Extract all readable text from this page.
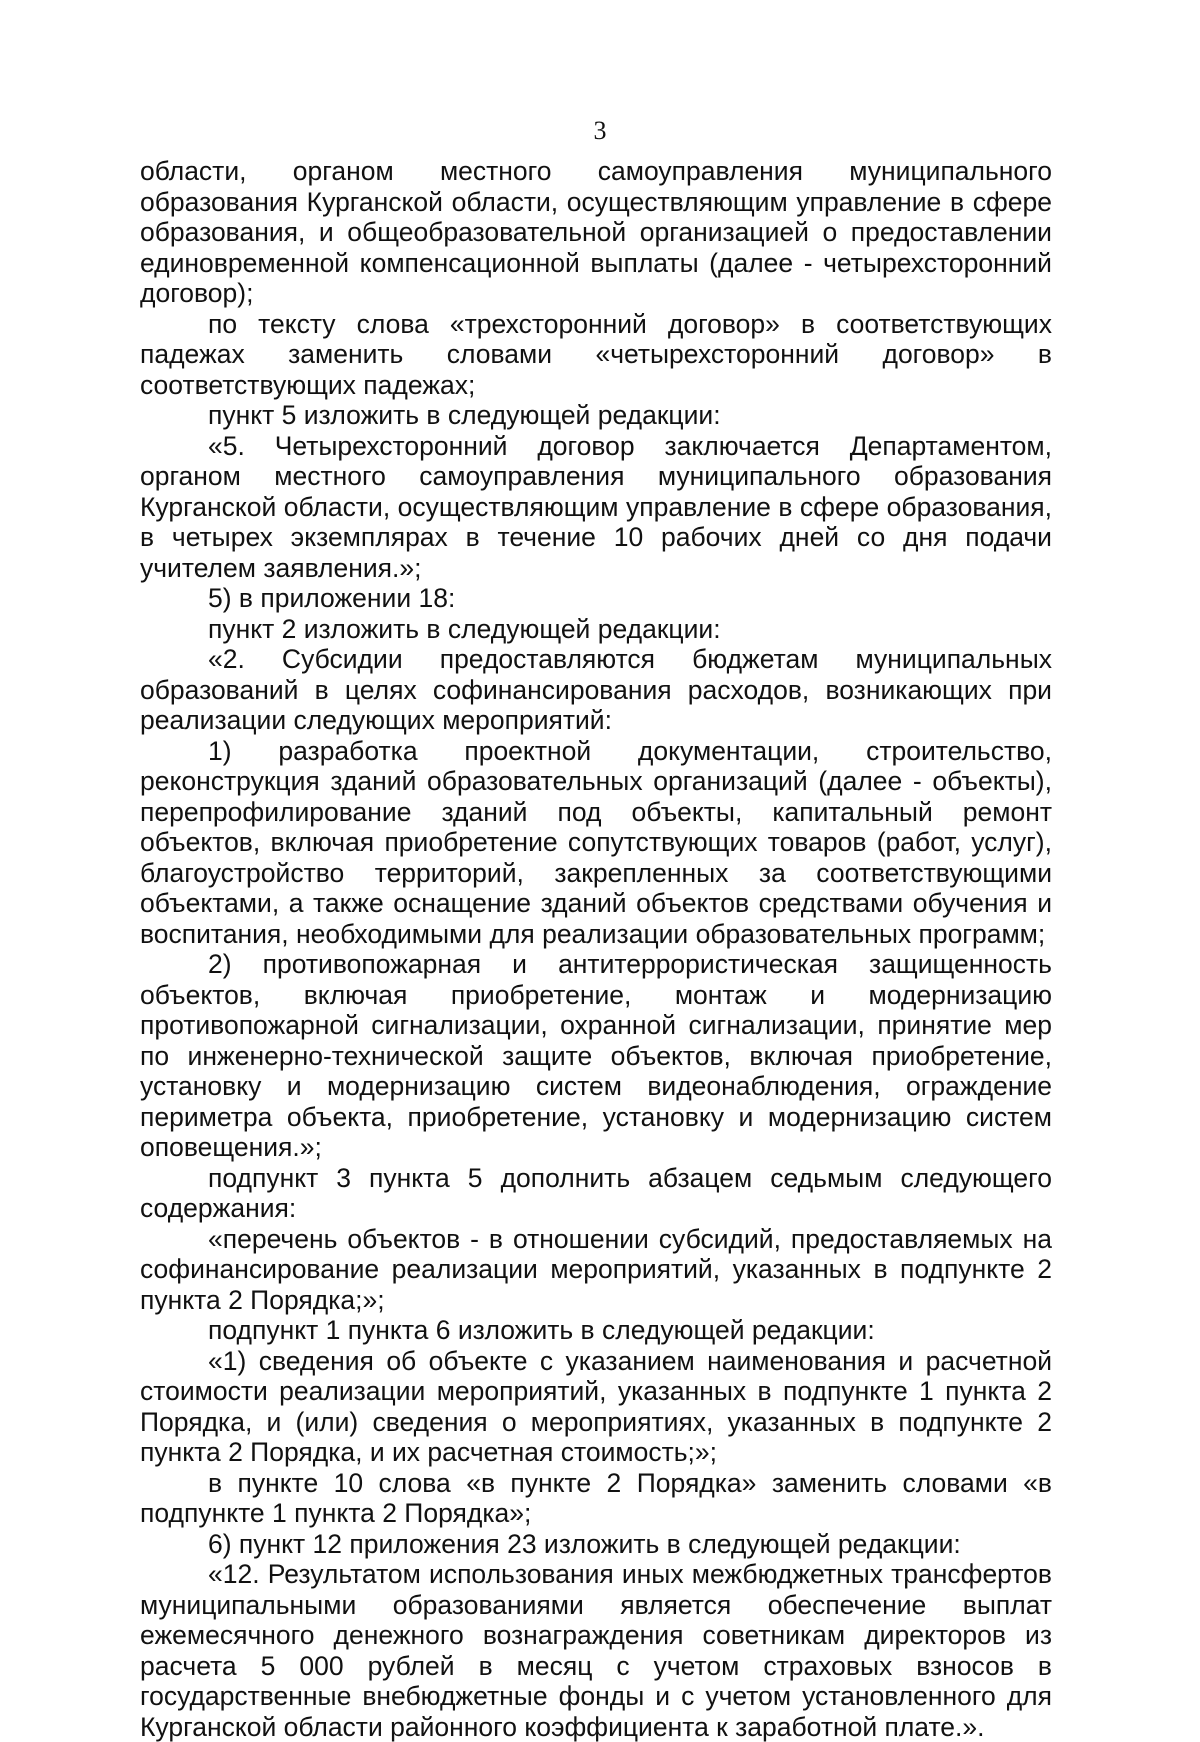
3

области, органом местного самоуправления муниципального образования Курганской области, осуществляющим управление в сфере образования, и общеобразовательной организацией о предоставлении единовременной компенсационной выплаты (далее - четырехсторонний договор);

по тексту слова «трехсторонний договор» в соответствующих падежах заменить словами «четырехсторонний договор» в соответствующих падежах;

пункт 5 изложить в следующей редакции:

«5. Четырехсторонний договор заключается Департаментом, органом местного самоуправления муниципального образования Курганской области, осуществляющим управление в сфере образования, в четырех экземплярах в течение 10 рабочих дней со дня подачи учителем заявления.»;

5) в приложении 18:

пункт 2 изложить в следующей редакции:

«2. Субсидии предоставляются бюджетам муниципальных образований в целях софинансирования расходов, возникающих при реализации следующих мероприятий:

1) разработка проектной документации, строительство, реконструкция зданий образовательных организаций (далее - объекты), перепрофилирование зданий под объекты, капитальный ремонт объектов, включая приобретение сопутствующих товаров (работ, услуг), благоустройство территорий, закрепленных за соответствующими объектами, а также оснащение зданий объектов средствами обучения и воспитания, необходимыми для реализации образовательных программ;

2) противопожарная и антитеррористическая защищенность объектов, включая приобретение, монтаж и модернизацию противопожарной сигнализации, охранной сигнализации, принятие мер по инженерно-технической защите объектов, включая приобретение, установку и модернизацию систем видеонаблюдения, ограждение периметра объекта, приобретение, установку и модернизацию систем оповещения.»;

подпункт 3 пункта 5 дополнить абзацем седьмым следующего содержания:

«перечень объектов - в отношении субсидий, предоставляемых на софинансирование реализации мероприятий, указанных в подпункте 2 пункта 2 Порядка;»;

подпункт 1 пункта 6 изложить в следующей редакции:

«1) сведения об объекте с указанием наименования и расчетной стоимости реализации мероприятий, указанных в подпункте 1 пункта 2 Порядка, и (или) сведения о мероприятиях, указанных в подпункте 2 пункта 2 Порядка, и их расчетная стоимость;»;

в пункте 10 слова «в пункте 2 Порядка» заменить словами «в подпункте 1 пункта 2 Порядка»;

6) пункт 12 приложения 23 изложить в следующей редакции:

«12. Результатом использования иных межбюджетных трансфертов муниципальными образованиями является обеспечение выплат ежемесячного денежного вознаграждения советникам директоров из расчета 5 000 рублей в месяц с учетом страховых взносов в государственные внебюджетные фонды и с учетом установленного для Курганской области районного коэффициента к заработной плате.».
